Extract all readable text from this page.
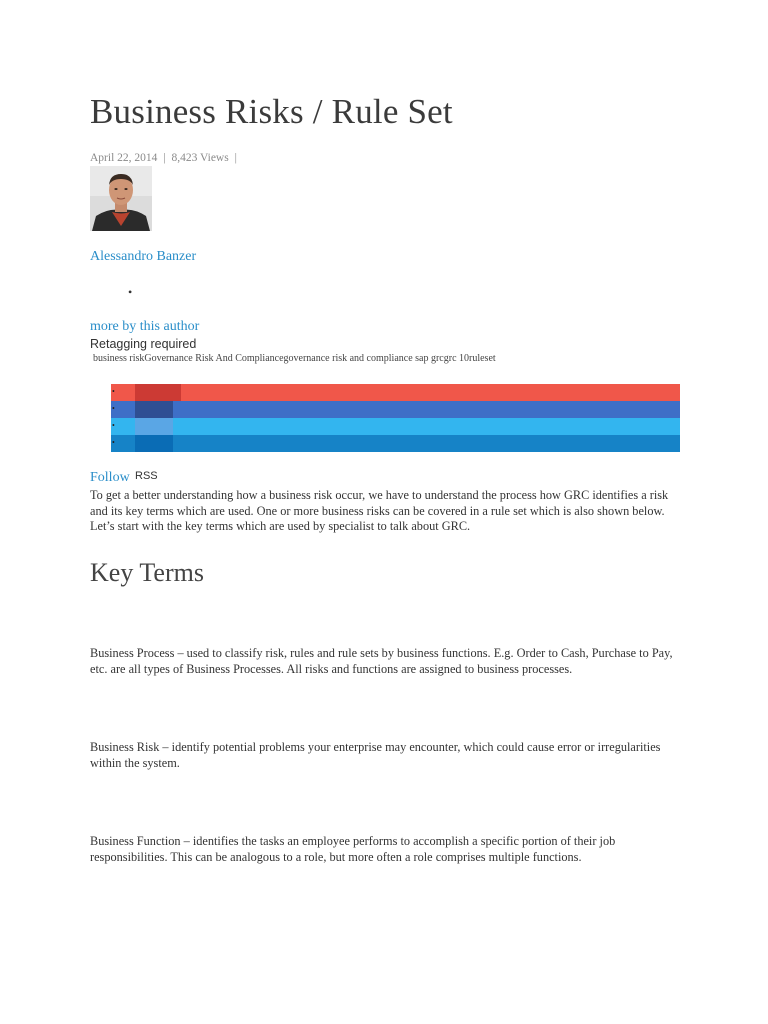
Business Risks / Rule Set
April 22, 2014 | 8,423 Views |
Alessandro Banzer
•
more by this author
Retagging required
business riskGovernance Risk And Compliancegovernance risk and compliance sap grcgrc 10ruleset
•
•
•
•
Follow RSS

To get a better understanding how a business risk occur, we have to understand the process how GRC identifies a risk and its key terms which are used. One or more business risks can be covered in a rule set which is also shown below. Let’s start with the key terms which are used by specialist to talk about GRC.

Key Terms

Business Process – used to classify risk, rules and rule sets by business functions. E.g. Order to Cash, Purchase to Pay, etc. are all types of Business Processes. All risks and functions are assigned to business processes.

Business Risk – identify potential problems your enterprise may encounter, which could cause error or irregularities within the system.

Business Function – identifies the tasks an employee performs to accomplish a specific portion of their job responsibilities. This can be analogous to a role, but more often a role comprises multiple functions.
